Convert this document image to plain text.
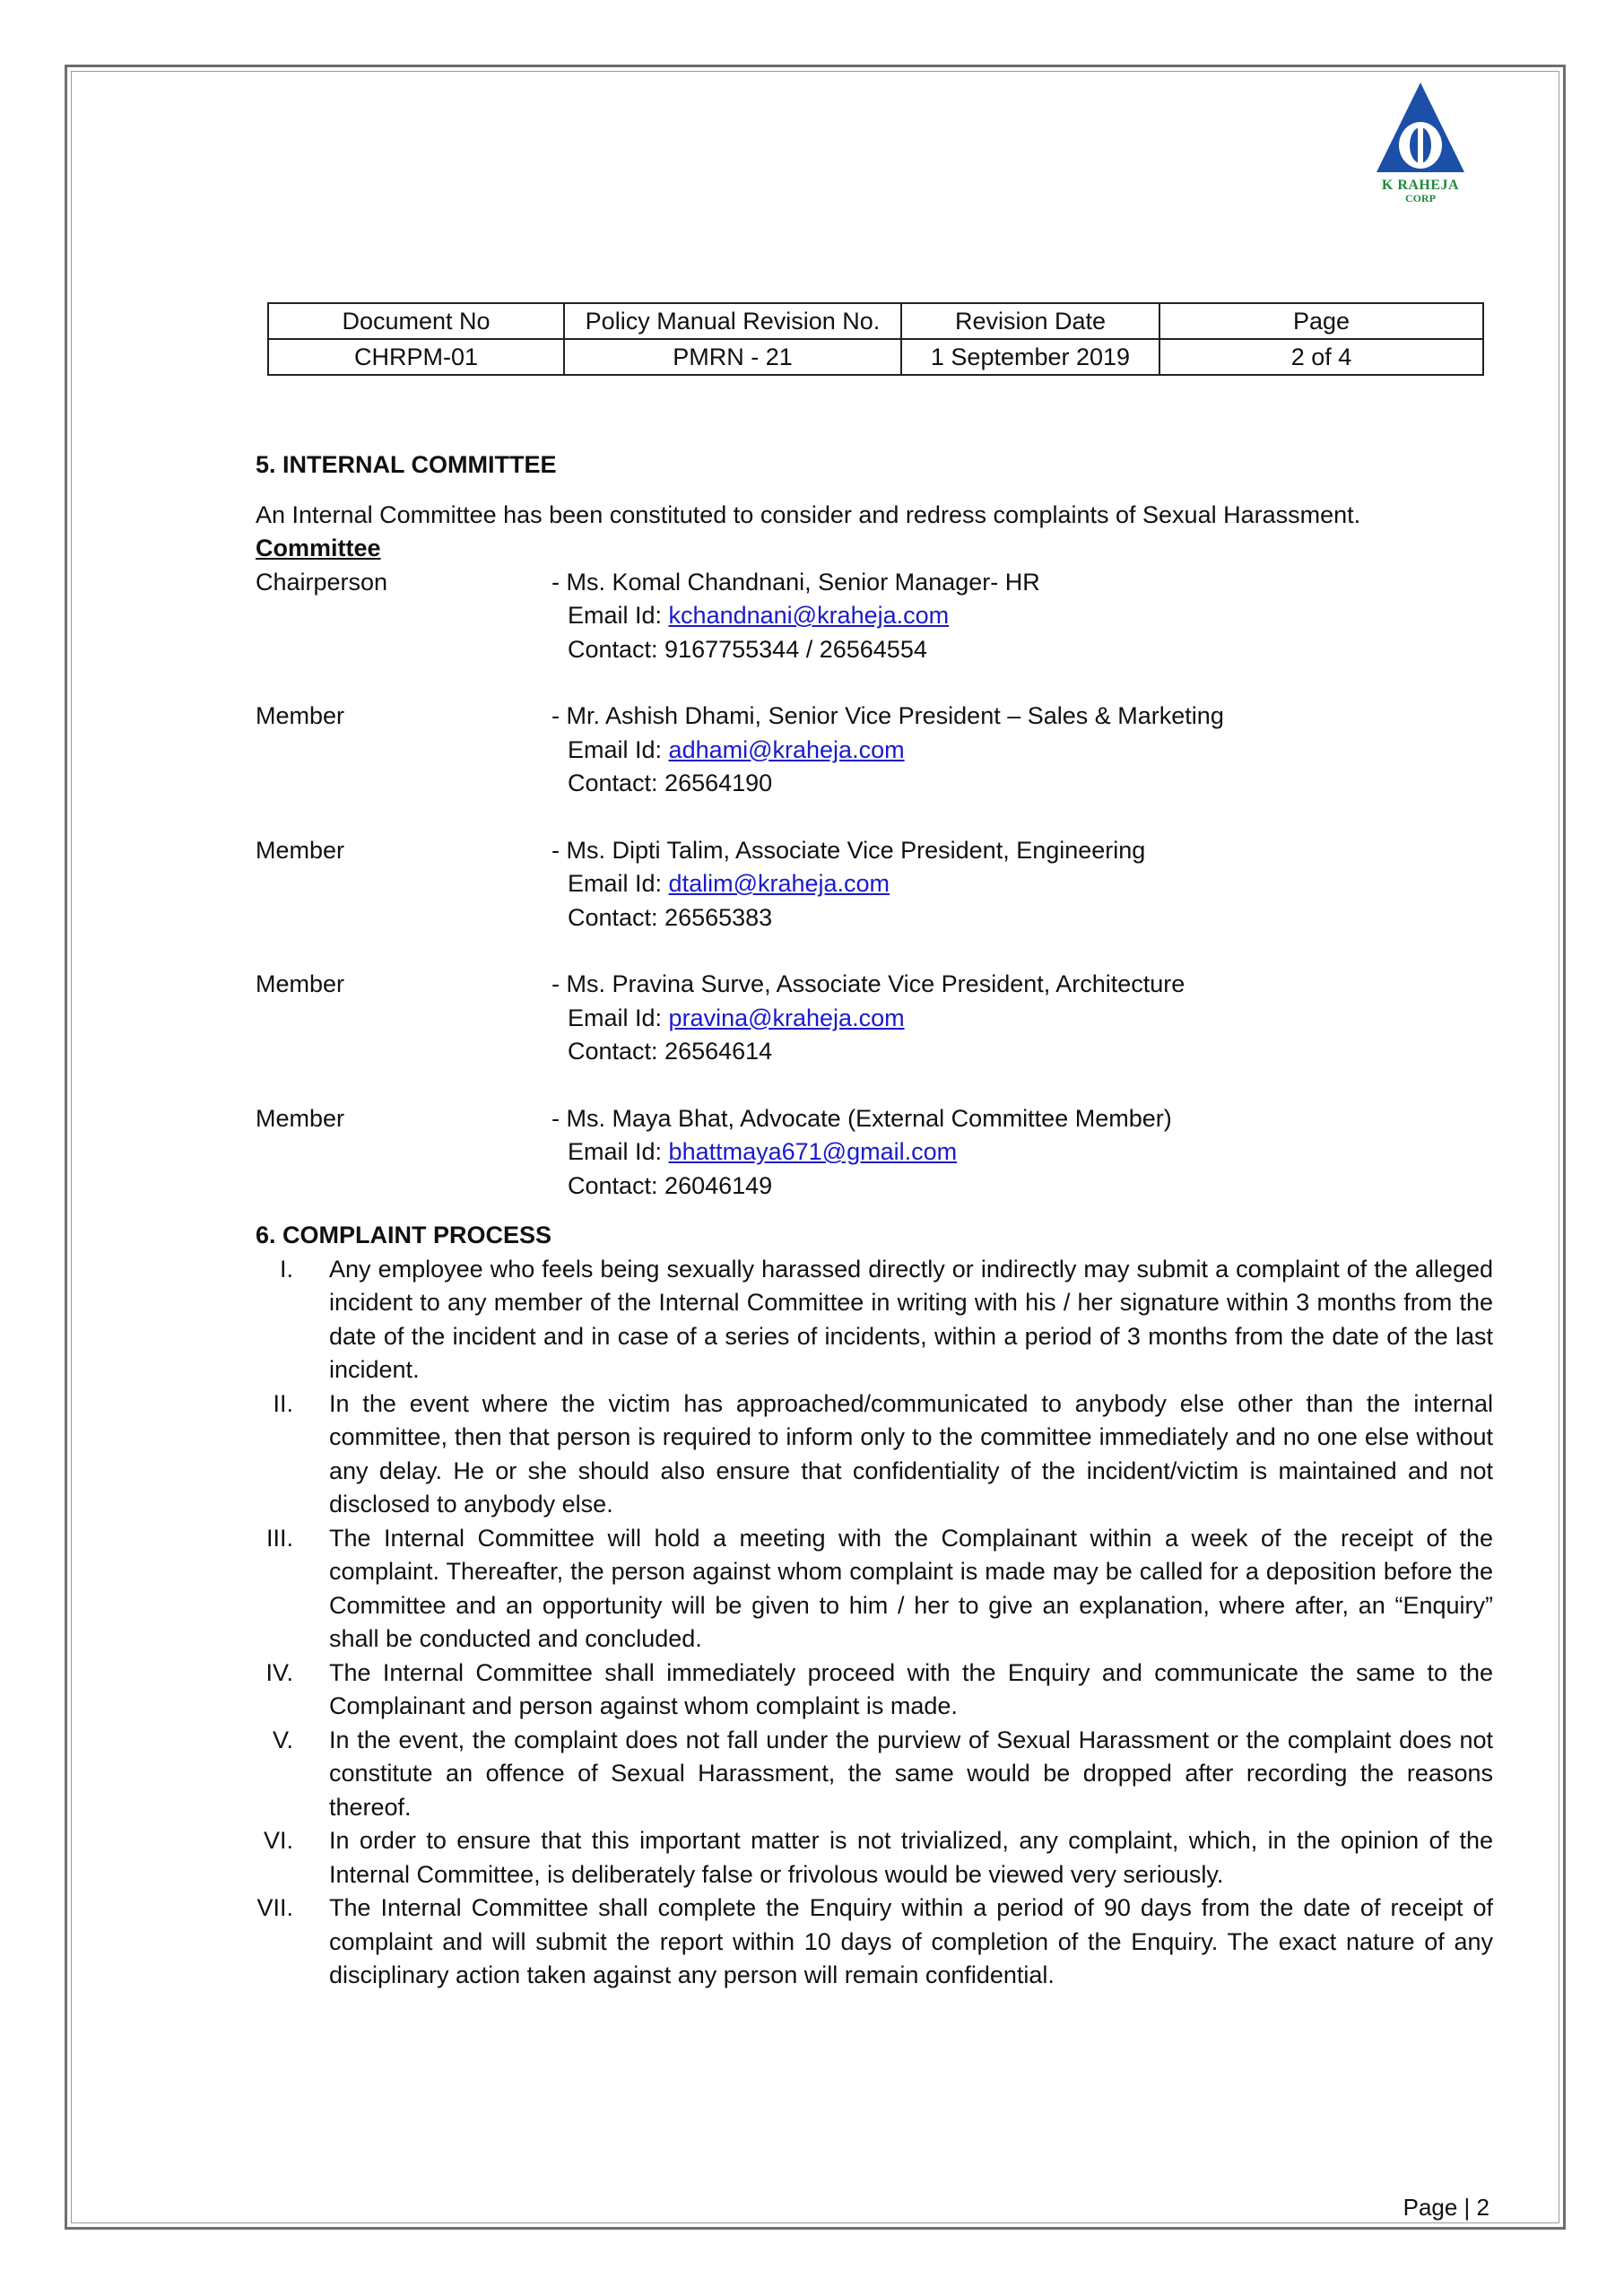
K RAHEJA
CORP
Document No	Policy Manual Revision No.	Revision Date	Page
CHRPM-01	PMRN - 21	1 September 2019	2 of 4
5. INTERNAL COMMITTEE
An Internal Committee has been constituted to consider and redress complaints of Sexual Harassment.
Committee
Chairperson	- Ms. Komal Chandnani, Senior Manager- HR
Email Id: kchandnani@kraheja.com
Contact: 9167755344 / 26564554
Member	- Mr. Ashish Dhami, Senior Vice President – Sales & Marketing
Email Id: adhami@kraheja.com
Contact: 26564190
Member	- Ms. Dipti Talim, Associate Vice President, Engineering
Email Id: dtalim@kraheja.com
Contact: 26565383
Member	- Ms. Pravina Surve, Associate Vice President, Architecture
Email Id: pravina@kraheja.com
Contact: 26564614
Member	- Ms. Maya Bhat, Advocate (External Committee Member)
Email Id: bhattmaya671@gmail.com
Contact: 26046149
6. COMPLAINT PROCESS
I. Any employee who feels being sexually harassed directly or indirectly may submit a complaint of the alleged incident to any member of the Internal Committee in writing with his / her signature within 3 months from the date of the incident and in case of a series of incidents, within a period of 3 months from the date of the last incident.
II. In the event where the victim has approached/communicated to anybody else other than the internal committee, then that person is required to inform only to the committee immediately and no one else without any delay. He or she should also ensure that confidentiality of the incident/victim is maintained and not disclosed to anybody else.
III. The Internal Committee will hold a meeting with the Complainant within a week of the receipt of the complaint. Thereafter, the person against whom complaint is made may be called for a deposition before the Committee and an opportunity will be given to him / her to give an explanation, where after, an “Enquiry” shall be conducted and concluded.
IV. The Internal Committee shall immediately proceed with the Enquiry and communicate the same to the Complainant and person against whom complaint is made.
V. In the event, the complaint does not fall under the purview of Sexual Harassment or the complaint does not constitute an offence of Sexual Harassment, the same would be dropped after recording the reasons thereof.
VI. In order to ensure that this important matter is not trivialized, any complaint, which, in the opinion of the Internal Committee, is deliberately false or frivolous would be viewed very seriously.
VII. The Internal Committee shall complete the Enquiry within a period of 90 days from the date of receipt of complaint and will submit the report within 10 days of completion of the Enquiry. The exact nature of any disciplinary action taken against any person will remain confidential.
Page | 2
